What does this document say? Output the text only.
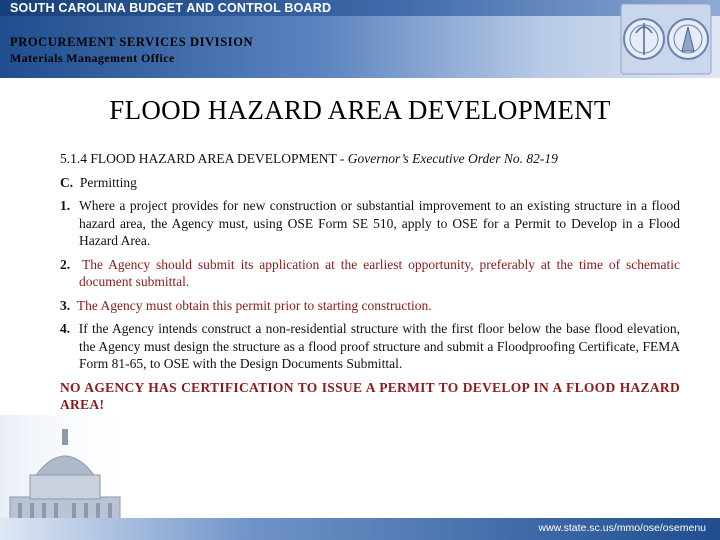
SOUTH CAROLINA BUDGET AND CONTROL BOARD
PROCUREMENT SERVICES DIVISION
Materials Management Office
FLOOD HAZARD AREA DEVELOPMENT

5.1.4 FLOOD HAZARD AREA DEVELOPMENT - Governor’s Executive Order No. 82-19

C. Permitting

1. Where a project provides for new construction or substantial improvement to an existing structure in a flood hazard area, the Agency must, using OSE Form SE 510, apply to OSE for a Permit to Develop in a Flood Hazard Area.

2. The Agency should submit its application at the earliest opportunity, preferably at the time of schematic document submittal.

3. The Agency must obtain this permit prior to starting construction.

4. If the Agency intends construct a non-residential structure with the first floor below the base flood elevation, the Agency must design the structure as a flood proof structure and submit a Floodproofing Certificate, FEMA Form 81-65, to OSE with the Design Documents Submittal.

NO AGENCY HAS CERTIFICATION TO ISSUE A PERMIT TO DEVELOP IN A FLOOD HAZARD AREA!

www.state.sc.us/mmo/ose/osemenu
